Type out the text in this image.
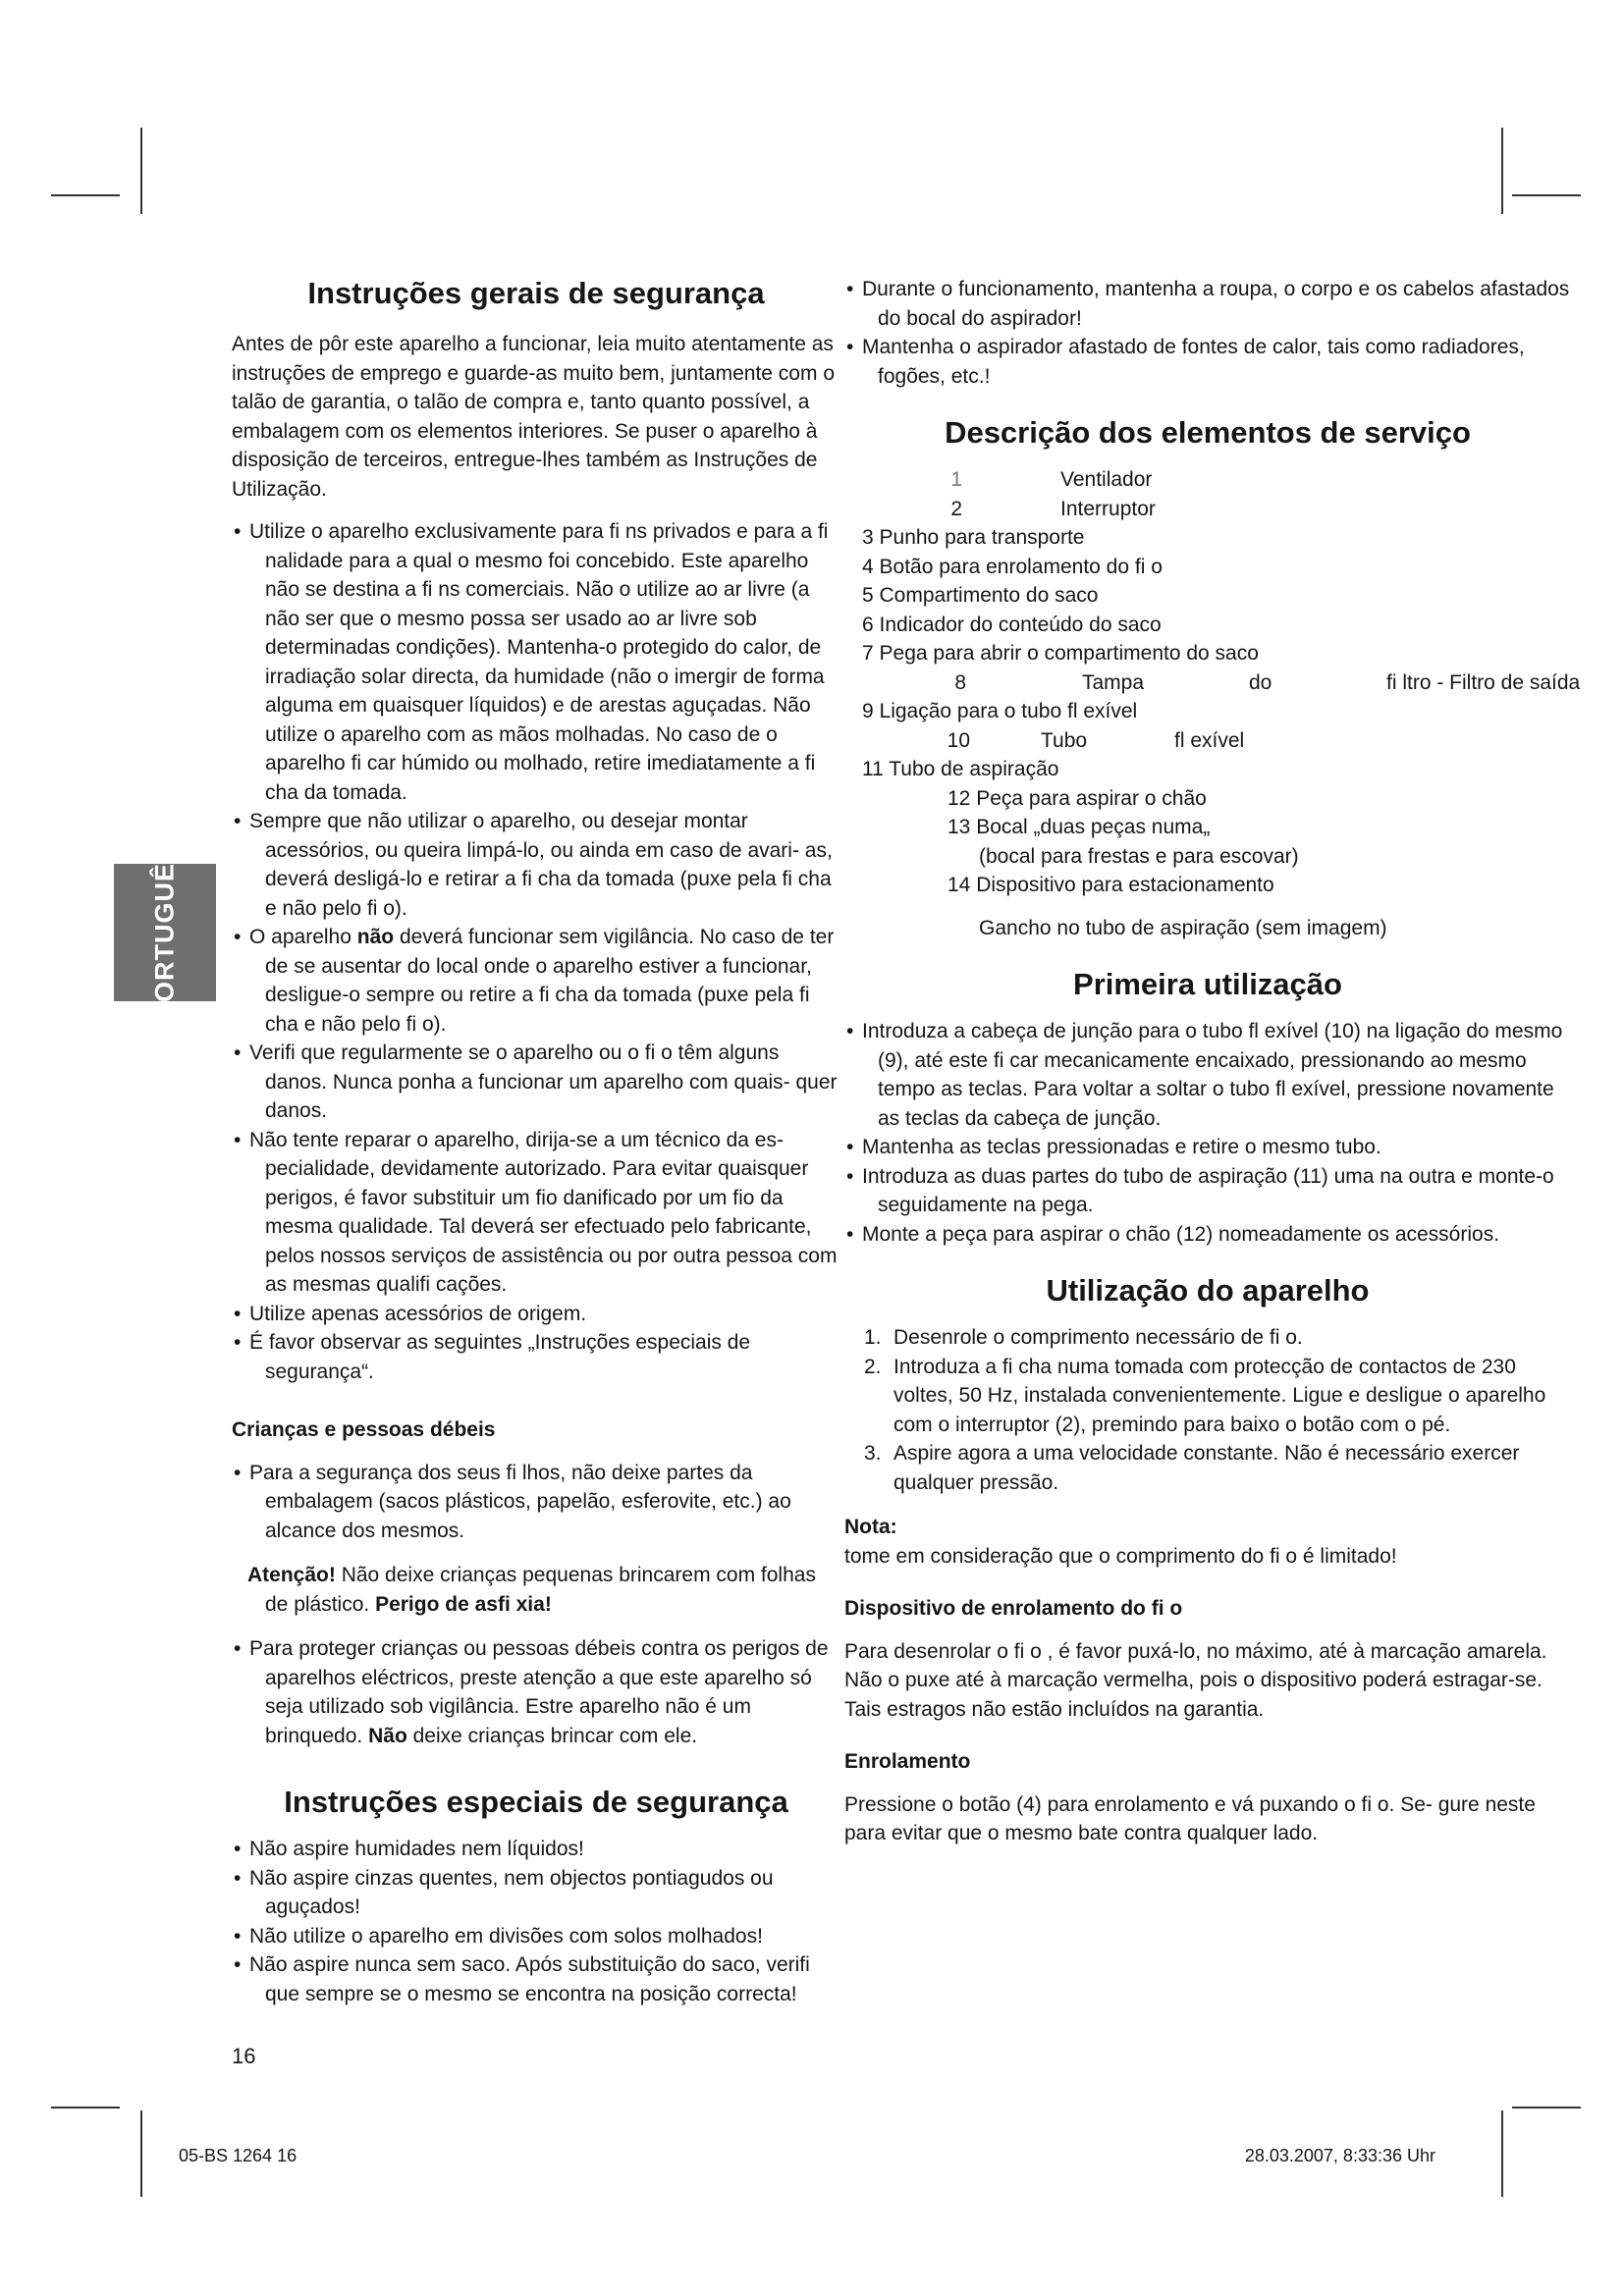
PORTUGUÊS
Instruções gerais de segurança

Antes de pôr este aparelho a funcionar, leia muito atentamente as instruções de emprego e guarde-as muito bem, juntamente com o talão de garantia, o talão de compra e, tanto quanto possível, a embalagem com os elementos interiores. Se puser o aparelho à disposição de terceiros, entregue-lhes também as Instruções de Utilização.

• Utilize o aparelho exclusivamente para fi ns privados e para a fi nalidade para a qual o mesmo foi concebido. Este aparelho não se destina a fi ns comerciais. Não o utilize ao ar livre (a não ser que o mesmo possa ser usado ao ar livre sob determinadas condições). Mantenha-o protegido do calor, de irradiação solar directa, da humidade (não o imergir de forma alguma em quaisquer líquidos) e de arestas aguçadas. Não utilize o aparelho com as mãos molhadas. No caso de o aparelho fi car húmido ou molhado, retire imediatamente a fi cha da tomada.
• Sempre que não utilizar o aparelho, ou desejar montar acessórios, ou queira limpá-lo, ou ainda em caso de avari- as, deverá desligá-lo e retirar a fi cha da tomada (puxe pela fi cha e não pelo fi o).
• O aparelho não deverá funcionar sem vigilância. No caso de ter de se ausentar do local onde o aparelho estiver a funcionar, desligue-o sempre ou retire a fi cha da tomada (puxe pela fi cha e não pelo fi o).
• Verifi que regularmente se o aparelho ou o fi o têm alguns danos. Nunca ponha a funcionar um aparelho com quais- quer danos.
• Não tente reparar o aparelho, dirija-se a um técnico da es- pecialidade, devidamente autorizado. Para evitar quaisquer perigos, é favor substituir um fio danificado por um fio da mesma qualidade. Tal deverá ser efectuado pelo fabricante, pelos nossos serviços de assistência ou por outra pessoa com as mesmas qualifi cações.
• Utilize apenas acessórios de origem.
• É favor observar as seguintes „Instruções especiais de segurança“.
Crianças e pessoas débeis
• Para a segurança dos seus fi lhos, não deixe partes da embalagem (sacos plásticos, papelão, esferovite, etc.) ao alcance dos mesmos.

Atenção! Não deixe crianças pequenas brincarem com folhas de plástico. Perigo de asfi xia!

• Para proteger crianças ou pessoas débeis contra os perigos de aparelhos eléctricos, preste atenção a que este aparelho só seja utilizado sob vigilância. Estre aparelho não é um brinquedo. Não deixe crianças brincar com ele.
Instruções especiais de segurança
• Não aspire humidades nem líquidos!
• Não aspire cinzas quentes, nem objectos pontiagudos ou aguçados!
• Não utilize o aparelho em divisões com solos molhados!
• Não aspire nunca sem saco. Após substituição do saco, verifi que sempre se o mesmo se encontra na posição correcta!
16
• Durante o funcionamento, mantenha a roupa, o corpo e os cabelos afastados do bocal do aspirador!
• Mantenha o aspirador afastado de fontes de calor, tais como radiadores, fogões, etc.!
Descrição dos elementos de serviço
1	Ventilador
2	Interruptor
3 Punho para transporte
4 Botão para enrolamento do fi o
5 Compartimento do saco
6 Indicador do conteúdo do saco
7 Pega para abrir o compartimento do saco
8	Tampa	do	fi ltro - Filtro de saída
9 Ligação para o tubo fl exível
10	Tubo	fl exível
11 Tubo de aspiração
12 Peça para aspirar o chão
13 Bocal „duas peças numa„
(bocal para frestas e para escovar)
14 Dispositivo para estacionamento
Gancho no tubo de aspiração (sem imagem)
Primeira utilização
• Introduza a cabeça de junção para o tubo fl exível (10) na ligação do mesmo (9), até este fi car mecanicamente encaixado, pressionando ao mesmo tempo as teclas. Para voltar a soltar o tubo fl exível, pressione novamente as teclas da cabeça de junção.
• Mantenha as teclas pressionadas e retire o mesmo tubo.
• Introduza as duas partes do tubo de aspiração (11) uma na outra e monte-o seguidamente na pega.
• Monte a peça para aspirar o chão (12) nomeadamente os acessórios.
Utilização do aparelho
1. Desenrole o comprimento necessário de fi o.
2. Introduza a fi cha numa tomada com protecção de contactos de 230 voltes, 50 Hz, instalada convenientemente. Ligue e desligue o aparelho com o interruptor (2), premindo para baixo o botão com o pé.
3. Aspire agora a uma velocidade constante. Não é necessário exercer qualquer pressão.
Nota:

tome em consideração que o comprimento do fi o é limitado!

Dispositivo de enrolamento do fi o

Para desenrolar o fi o , é favor puxá-lo, no máximo, até à marcação amarela. Não o puxe até à marcação vermelha, pois o dispositivo poderá estragar-se. Tais estragos não estão incluídos na garantia.

Enrolamento

Pressione o botão (4) para enrolamento e vá puxando o fi o. Se- gure neste para evitar que o mesmo bate contra qualquer lado.

05-BS 1264 16	28.03.2007, 8:33:36 Uhr
